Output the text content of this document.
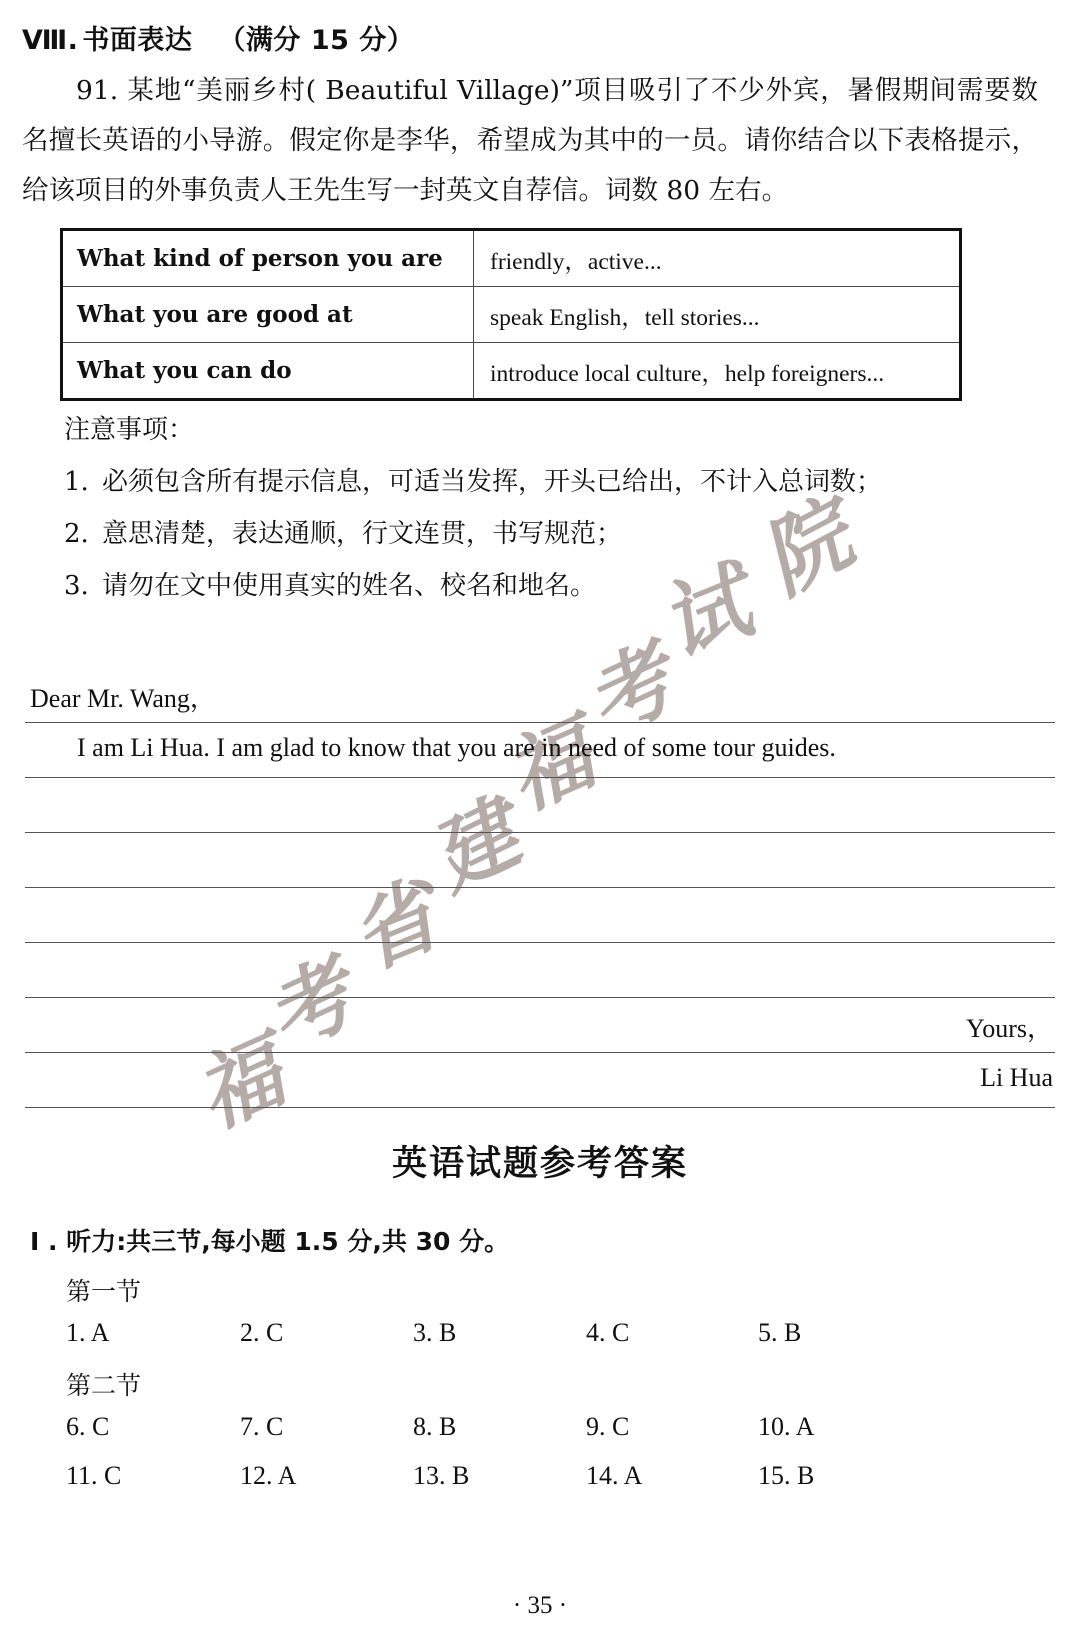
院
试
考
福
建
省
考
福
Ⅷ. 书面表达 （满分 15 分）
91. 某地“美丽乡村( Beautiful Village)”项目吸引了不少外宾，暑假期间需要数名擅长英语的小导游。假定你是李华，希望成为其中的一员。请你结合以下表格提示，给该项目的外事负责人王先生写一封英文自荐信。词数 80 左右。
What kind of person you are	friendly，active...
What you are good at	speak English，tell stories...
What you can do	introduce local culture，help foreigners...
注意事项：
1. 必须包含所有提示信息，可适当发挥，开头已给出，不计入总词数；
2. 意思清楚，表达通顺，行文连贯，书写规范；
3. 请勿在文中使用真实的姓名、校名和地名。
Dear Mr. Wang，
I am Li Hua. I am glad to know that you are in need of some tour guides.
Yours，
Li Hua
英语试题参考答案
Ⅰ . 听力:共三节,每小题 1.5 分,共 30 分。
第一节
1. A	2. C	3. B	4. C	5. B
第二节
6. C	7. C	8. B	9. C	10. A
11. C	12. A	13. B	14. A	15. B
· 35 ·
